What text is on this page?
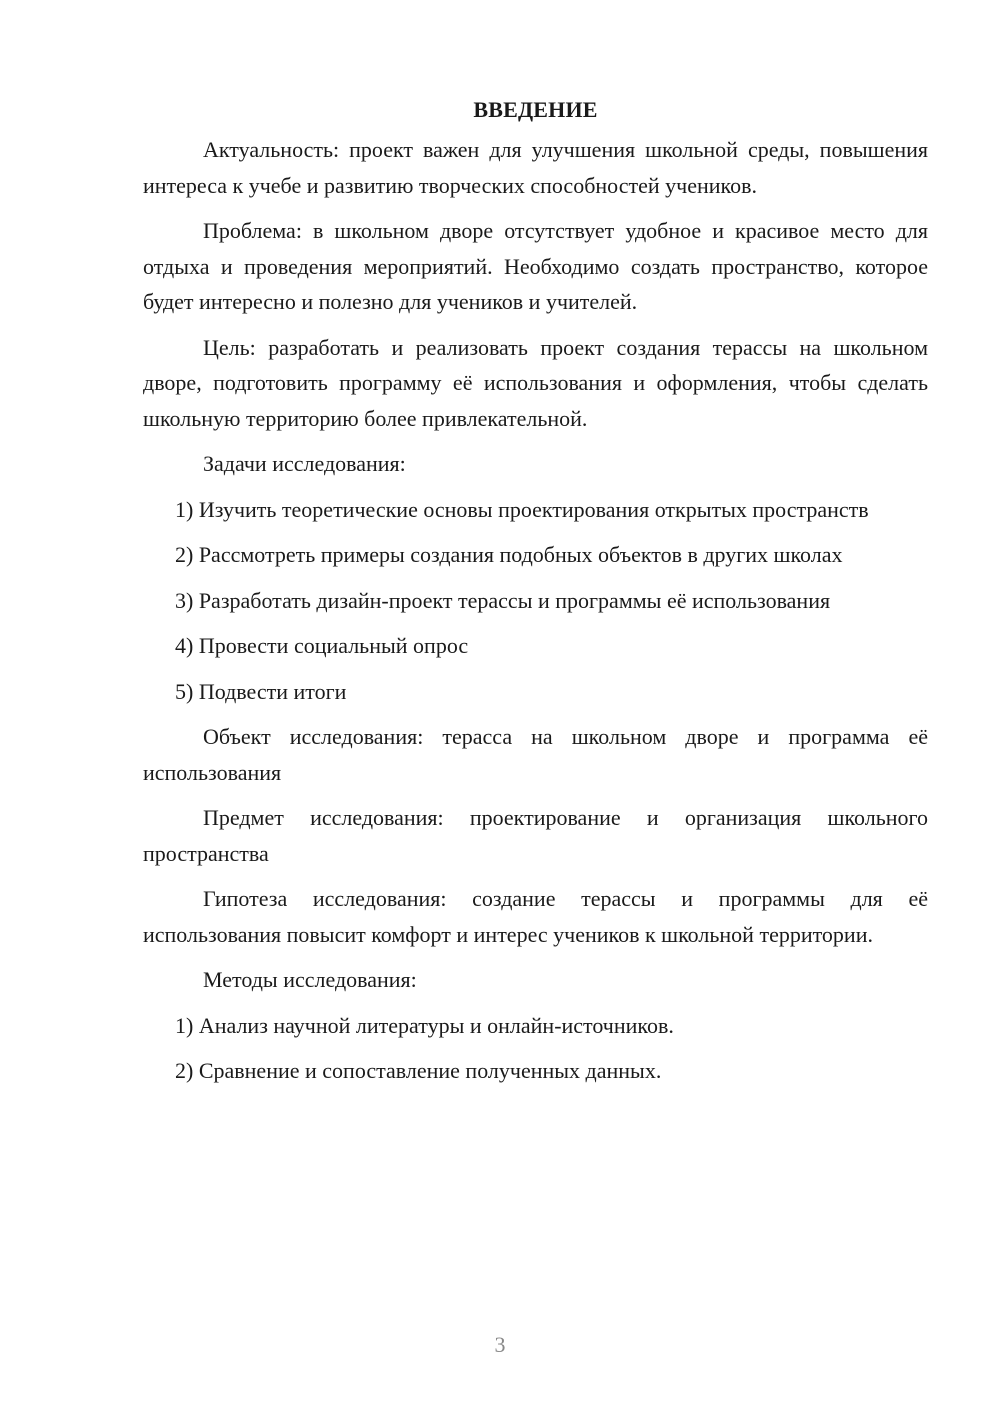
ВВЕДЕНИЕ

Актуальность: проект важен для улучшения школьной среды, повышения интереса к учебе и развитию творческих способностей учеников.

Проблема: в школьном дворе отсутствует удобное и красивое место для отдыха и проведения мероприятий. Необходимо создать пространство, которое будет интересно и полезно для учеников и учителей.

Цель: разработать и реализовать проект создания терассы на школьном дворе, подготовить программу её использования и оформления, чтобы сделать школьную территорию более привлекательной.

Задачи исследования:

1) Изучить теоретические основы проектирования открытых пространств

2) Рассмотреть примеры создания подобных объектов в других школах

3) Разработать дизайн-проект терассы и программы её использования

4) Провести социальный опрос

5) Подвести итоги

Объект исследования: терасса на школьном дворе и программа её использования

Предмет исследования: проектирование и организация школьного пространства

Гипотеза исследования: создание терассы и программы для её использования повысит комфорт и интерес учеников к школьной территории.

Методы исследования:

1) Анализ научной литературы и онлайн-источников.

2) Сравнение и сопоставление полученных данных.

3
